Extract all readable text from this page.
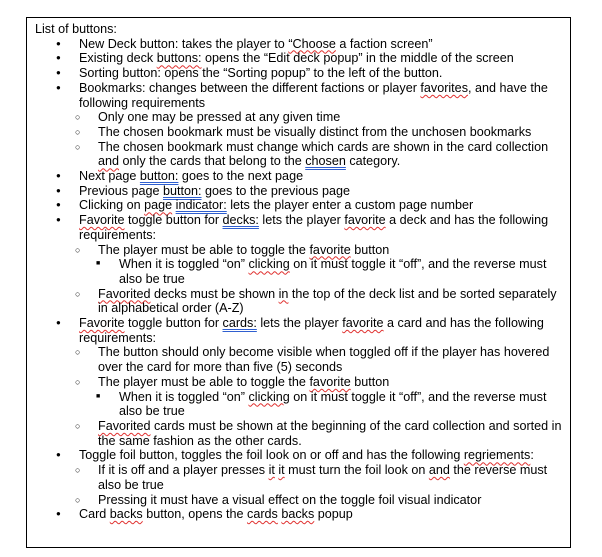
List of buttons:

● New Deck button: takes the player to “Choose a faction screen”
● Existing deck buttons: opens the “Edit deck popup” in the middle of the screen
● Sorting button: opens the “Sorting popup” to the left of the button.
● Bookmarks: changes between the different factions or player favorites, and have the following requirements
○ Only one may be pressed at any given time
○ The chosen bookmark must be visually distinct from the unchosen bookmarks
○ The chosen bookmark must change which cards are shown in the card collection and only the cards that belong to the chosen category.
● Next page button: goes to the next page
● Previous page button: goes to the previous page
● Clicking on page indicator: lets the player enter a custom page number
● Favorite toggle button for decks: lets the player favorite a deck and has the following requirements:
○ The player must be able to toggle the favorite button
■ When it is toggled “on” clicking on it must toggle it “off”, and the reverse must also be true
○ Favorited decks must be shown in the top of the deck list and be sorted separately in alphabetical order (A-Z)
● Favorite toggle button for cards: lets the player favorite a card and has the following requirements:
○ The button should only become visible when toggled off if the player has hovered over the card for more than five (5) seconds
○ The player must be able to toggle the favorite button
■ When it is toggled “on” clicking on it must toggle it “off”, and the reverse must also be true
○ Favorited cards must be shown at the beginning of the card collection and sorted in the same fashion as the other cards.
● Toggle foil button, toggles the foil look on or off and has the following regriements:
○ If it is off and a player presses it it must turn the foil look on and the reverse must also be true
○ Pressing it must have a visual effect on the toggle foil visual indicator
● Card backs button, opens the cards backs popup
